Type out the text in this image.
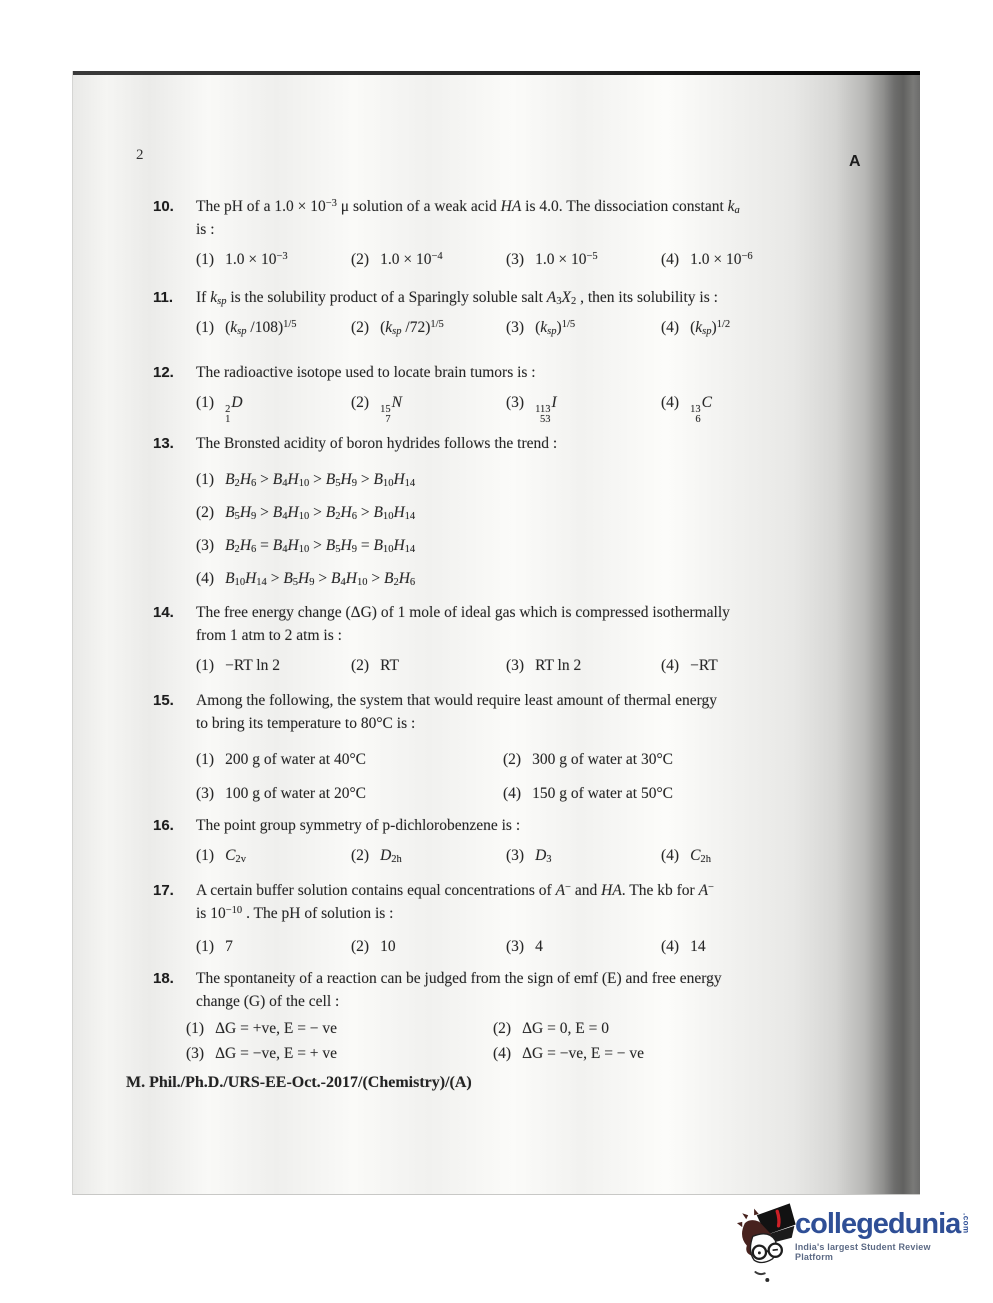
2	A
10.	The pH of a $1.0 \times 10^{-3}$ μ solution of a weak acid HA is 4.0. The dissociation constant $k_a$
is :
(1) $1.0 \times 10^{-3}$	(2) $1.0 \times 10^{-4}$	(3) $1.0 \times 10^{-5}$	(4) $1.0 \times 10^{-6}$
11.	If $k_{sp}$ is the solubility product of a Sparingly soluble salt $A_3X_2$ , then its solubility is :
(1) ($k_{sp}$ /108)$^{1/5}$	(2) ($k_{sp}$ /72)$^{1/5}$	(3) $(k_{sp})^{1/5}$	(4) $(k_{sp})^{1/2}$
12.	The radioactive isotope used to locate brain tumors is :
(1) 2
1
D	(2) 15
7
N	(3) 113
53
I	(4) 13
6
C
13.	The Bronsted acidity of boron hydrides follows the trend :
(1) $B_2H_6 > B_4H_{10} > B_5H_9 > B_{10}H_{14}$
(2) $B_5H_9 > B_4H_{10} > B_2H_6 > B_{10}H_{14}$
(3) $B_2H_6 = B_4H_{10} > B_5H_9 = B_{10}H_{14}$
(4) $B_{10}H_{14} > B_5H_9 > B_4H_{10} > B_2H_6$
14.	The free energy change (ΔG) of 1 mole of ideal gas which is compressed isothermally
from 1 atm to 2 atm is :
(1) −RT ln 2	(2) RT	(3) RT ln 2	(4) −RT
15.	Among the following, the system that would require least amount of thermal energy
to bring its temperature to 80°C is :
(1) 200 g of water at 40°C	(2) 300 g of water at 30°C
(3) 100 g of water at 20°C	(4) 150 g of water at 50°C
16.	The point group symmetry of p-dichlorobenzene is :
(1) $C_{2v}$	(2) $D_{2h}$	(3) $D_3$	(4) $C_{2h}$
17.	A certain buffer solution contains equal concentrations of A− and HA. The kb for A−
is $10^{-10}$ . The pH of solution is :
(1) 7	(2) 10	(3) 4	(4) 14
18.	The spontaneity of a reaction can be judged from the sign of emf (E) and free energy
change (G) of the cell :
(1) ΔG = +ve, E = − ve	(2) ΔG = 0, E = 0
(3) ΔG = −ve, E = + ve	(4) ΔG = −ve, E = − ve
M. Phil./Ph.D./URS-EE-Oct.-2017/(Chemistry)/(A)
collegedunia .com
India's largest Student Review Platform
